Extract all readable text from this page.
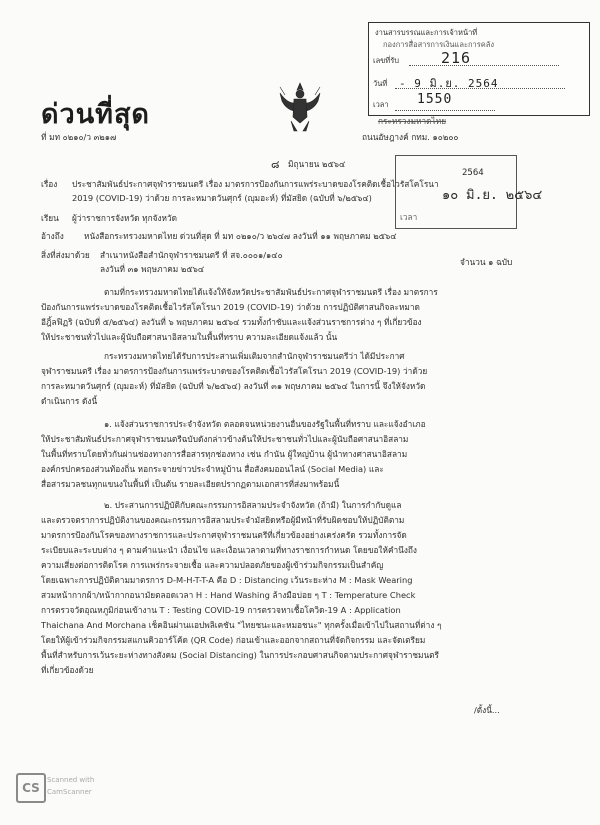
งานสารบรรณและการเจ้าหน้าที่
กองการสื่อสารการเงินและการคลัง
เลขที่รับ	216
วันที่ - 9 มิ.ย. 2564
เวลา 1550
ด่วนที่สุด
ที่ มท ๐๒๑๐/ว ๓๒๑๗
กระทรวงมหาดไทย
ถนนอัษฎางค์ กทม. ๑๐๒๐๐
๘ มิถุนายน ๒๕๖๔
2564
๑๐ มิ.ย. ๒๕๖๔
เวลา
เรื่อง ประชาสัมพันธ์ประกาศจุฬาราชมนตรี เรื่อง มาตรการป้องกันการแพร่ระบาดของโรคติดเชื้อไวรัสโคโรนา
2019 (COVID-19) ว่าด้วย การละหมาดวันศุกร์ (ญุมอะห์) ที่มัสยิด (ฉบับที่ ๖/๒๕๖๔)
เรียน ผู้ว่าราชการจังหวัด ทุกจังหวัด
อ้างถึง หนังสือกระทรวงมหาดไทย ด่วนที่สุด ที่ มท ๐๒๑๐/ว ๒๖๔๗ ลงวันที่ ๑๑ พฤษภาคม ๒๕๖๔
สิ่งที่ส่งมาด้วย สำเนาหนังสือสำนักจุฬาราชมนตรี ที่ สจ.๐๐๐๑/๑๔๐
ลงวันที่ ๓๑ พฤษภาคม ๒๕๖๔
จำนวน ๑ ฉบับ
ตามที่กระทรวงมหาดไทยได้แจ้งให้จังหวัดประชาสัมพันธ์ประกาศจุฬาราชมนตรี เรื่อง มาตรการ
ป้องกันการแพร่ระบาดของโรคติดเชื้อไวรัสโคโรนา 2019 (COVID-19) ว่าด้วย การปฏิบัติศาสนกิจละหมาด
อีฎิ้ลฟิฏริ (ฉบับที่ ๕/๒๕๖๔) ลงวันที่ ๖ พฤษภาคม ๒๕๖๔ รวมทั้งกำชับและแจ้งส่วนราชการต่าง ๆ ที่เกี่ยวข้อง
ให้ประชาชนทั่วไปและผู้นับถือศาสนาอิสลามในพื้นที่ทราบ ความละเอียดแจ้งแล้ว นั้น
กระทรวงมหาดไทยได้รับการประสานเพิ่มเติมจากสำนักจุฬาราชมนตรีว่า ได้มีประกาศ
จุฬาราชมนตรี เรื่อง มาตรการป้องกันการแพร่ระบาดของโรคติดเชื้อไวรัสโคโรนา 2019 (COVID-19) ว่าด้วย
การละหมาดวันศุกร์ (ญุมอะห์) ที่มัสยิด (ฉบับที่ ๖/๒๕๖๔) ลงวันที่ ๓๑ พฤษภาคม ๒๕๖๔ ในการนี้ จึงให้จังหวัด
ดำเนินการ ดังนี้
๑. แจ้งส่วนราชการประจำจังหวัด ตลอดจนหน่วยงานอื่นของรัฐในพื้นที่ทราบ และแจ้งอำเภอ
ให้ประชาสัมพันธ์ประกาศจุฬาราชมนตรีฉบับดังกล่าวข้างต้นให้ประชาชนทั่วไปและผู้นับถือศาสนาอิสลาม
ในพื้นที่ทราบโดยทั่วกันผ่านช่องทางการสื่อสารทุกช่องทาง เช่น กำนัน ผู้ใหญ่บ้าน ผู้นำทางศาสนาอิสลาม
องค์กรปกครองส่วนท้องถิ่น หอกระจายข่าวประจำหมู่บ้าน สื่อสังคมออนไลน์ (Social Media) และ
สื่อสารมวลชนทุกแขนงในพื้นที่ เป็นต้น รายละเอียดปรากฏตามเอกสารที่ส่งมาพร้อมนี้
๒. ประสานการปฏิบัติกับคณะกรรมการอิสลามประจำจังหวัด (ถ้ามี) ในการกำกับดูแล
และตรวจตราการปฏิบัติงานของคณะกรรมการอิสลามประจำมัสยิดหรือผู้มีหน้าที่รับผิดชอบให้ปฏิบัติตาม
มาตรการป้องกันโรคของทางราชการและประกาศจุฬาราชมนตรีที่เกี่ยวข้องอย่างเคร่งครัด รวมทั้งการจัด
ระเบียบและระบบต่าง ๆ ตามคำแนะนำ เงื่อนไข และเงื่อนเวลาตามที่ทางราชการกำหนด โดยขอให้คำนึงถึง
ความเสี่ยงต่อการติดโรค การแพร่กระจายเชื้อ และความปลอดภัยของผู้เข้าร่วมกิจกรรมเป็นสำคัญ
โดยเฉพาะการปฏิบัติตามมาตรการ D-M-H-T-T-A คือ D : Distancing เว้นระยะห่าง M : Mask Wearing
สวมหน้ากากผ้า/หน้ากากอนามัยตลอดเวลา H : Hand Washing ล้างมือบ่อย ๆ T : Temperature Check
การตรวจวัดอุณหภูมิก่อนเข้างาน T : Testing COVID-19 การตรวจหาเชื้อโควิด-19 A : Application
Thaichana And Morchana เช็คอินผ่านแอปพลิเคชัน "ไทยชนะและหมอชนะ" ทุกครั้งเมื่อเข้าไปในสถานที่ต่าง ๆ
โดยให้ผู้เข้าร่วมกิจกรรมสแกนคิวอาร์โค้ด (QR Code) ก่อนเข้าและออกจากสถานที่จัดกิจกรรม และจัดเตรียม
พื้นที่สำหรับการเว้นระยะห่างทางสังคม (Social Distancing) ในการประกอบศาสนกิจตามประกาศจุฬาราชมนตรี
ที่เกี่ยวข้องด้วย
/ตั้งนี้...
CS
Scanned with
CamScanner
